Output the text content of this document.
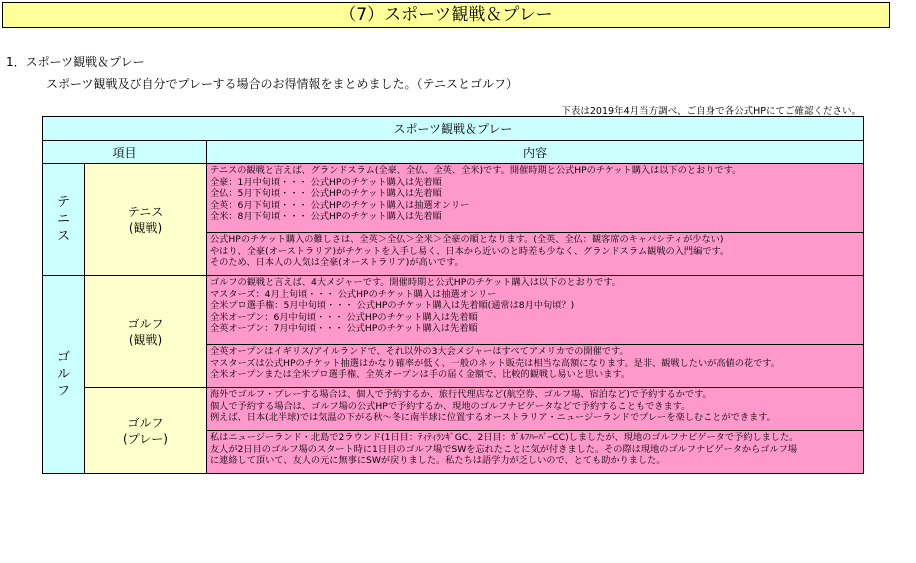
（7）スポーツ観戦＆プレー
1．スポーツ観戦＆プレー
スポーツ観戦及び自分でプレーする場合のお得情報をまとめました。（テニスとゴルフ）
下表は2019年4月当方調べ、ご自身で各公式HPにてご確認ください。
スポーツ観戦＆プレー		
項目		内容

テ
ニ
ス	テニス
(観戦)	テニスの観戦と言えば、グランドスラム(全豪、全仏、全英、全米)です。開催時期と公式HPのチケット購入は以下のとおりです。
全豪：1月中旬頃・・・ 公式HPのチケット購入は先着順
全仏：5月下旬頃・・・ 公式HPのチケット購入は先着順
全英：6月下旬頃・・・ 公式HPのチケット購入は抽選オンリー
全米：8月下旬頃・・・ 公式HPのチケット購入は先着順

		公式HPのチケット購入の難しさは、全英＞全仏＞全米＞全豪の順となります。(全英、全仏：観客席のキャパシティが少ない)
やはり、全豪(オーストラリア)がチケットを入手し易く、日本から近いのと時差も少なく、グランドスラム観戦の入門編です。
そのため、日本人の人気は全豪(オーストラリア)が高いです。

ゴ
ル
フ	ゴルフ
(観戦)	ゴルフの観戦と言えば、4大メジャーです。開催時期と公式HPのチケット購入は以下のとおりです。
マスターズ：4月上旬頃・・・ 公式HPのチケット購入は抽選オンリー
全米プロ選手権：5月中旬頃・・・ 公式HPのチケット購入は先着順(通常は8月中旬頃？)
全米オープン：6月中旬頃・・・ 公式HPのチケット購入は先着順
全英オープン：7月中旬頃・・・ 公式HPのチケット購入は先着順

		全英オープンはイギリス/アイルランドで、それ以外の3大会メジャーはすべてアメリカでの開催です。
マスターズは公式HPのチケット抽選はかなり確率が低く、一般のネット販売は相当な高額になります。是非、観戦したいが高値の花です。
全米オープンまたは全米プロ選手権、全英オープンは手の届く金額で、比較的観戦し易いと思います。

	ゴルフ
(プレー)	海外でゴルフ・プレーする場合は、個人で予約するか、旅行代理店など(航空券、ゴルフ場、宿泊など)で予約するかです。
個人で予約する場合は、ゴルフ場の公式HPで予約するか、現地のゴルフナビゲータなどで予約することもできます。
例えば、日本(北半球)では気温の下がる秋～冬に南半球に位置するオーストラリア・ニュージーランドでプレーを楽しむことができます。

		私はニュージーランド・北島で2ラウンド(1日目：ﾃｨﾃｨﾗﾝｷﾞGC、2日目：ｶﾞﾙﾌﾊｰﾊﾞｰCC)しましたが、現地のゴルフナビゲータで予約しました。
友人が2日目のゴルフ場のスタート時に1日目のゴルフ場でSWを忘れたことに気が付きました。その際は現地のゴルフナビゲータからゴルフ場
に連絡して頂いて、友人の元に無事にSWが戻りました。私たちは語学力が乏しいので、とても助かりました。
